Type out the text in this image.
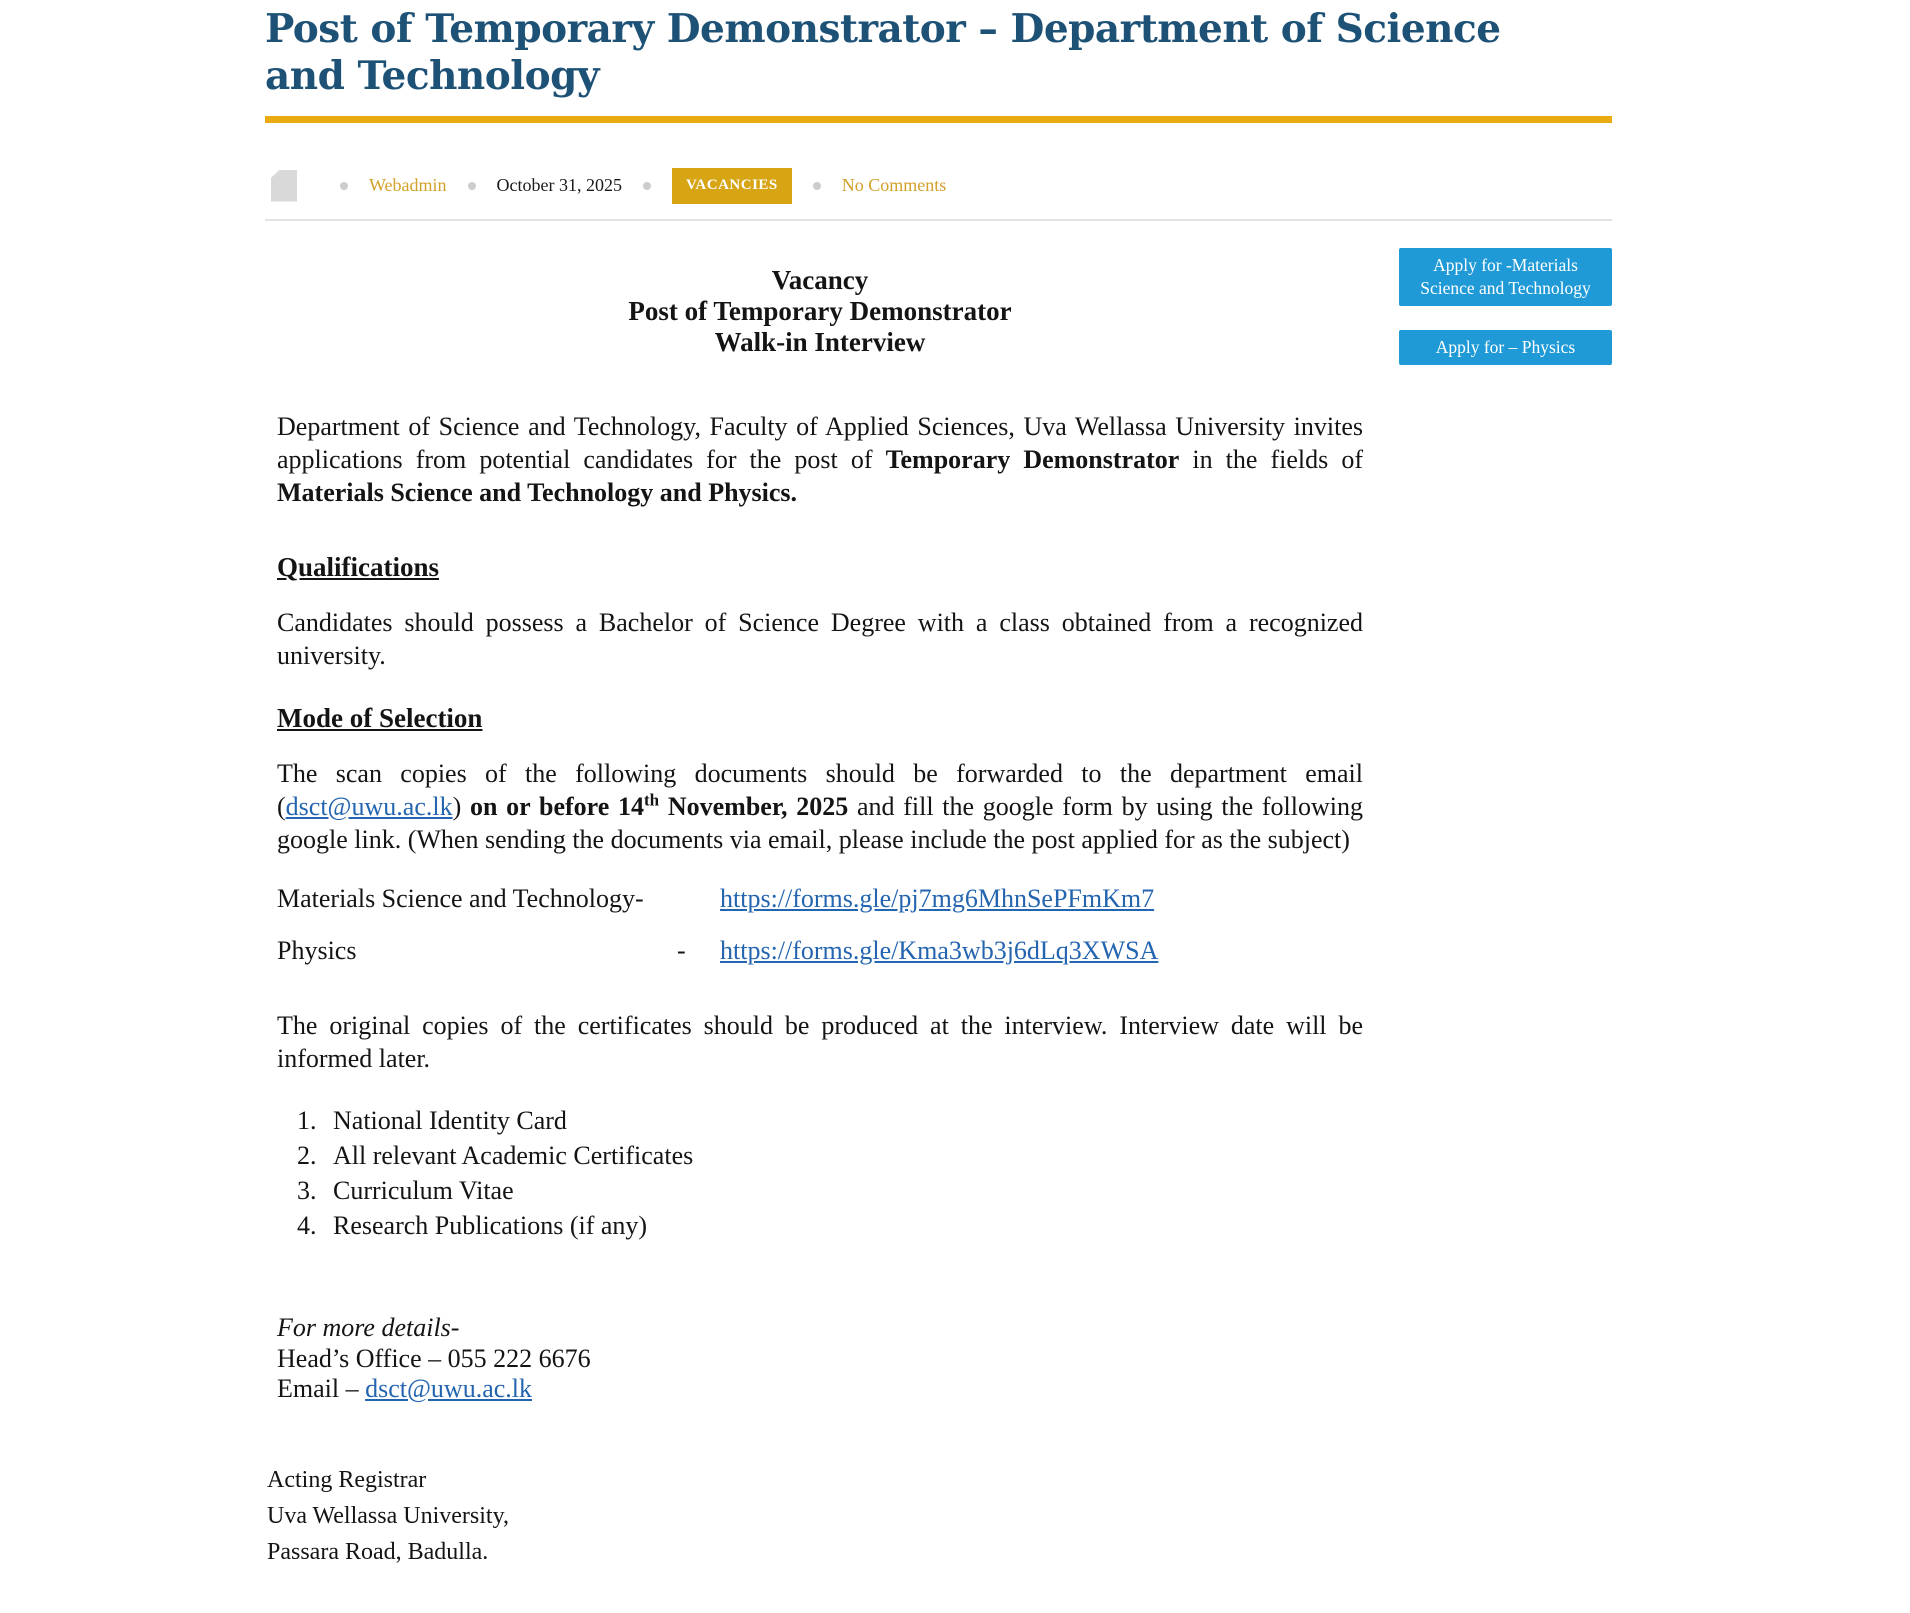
Post of Temporary Demonstrator – Department of Science
and Technology
Webadmin	October 31, 2025	VACANCIES	No Comments
Vacancy
Post of Temporary Demonstrator
Walk-in Interview

Department of Science and Technology, Faculty of Applied Sciences, Uva Wellassa University invites applications from potential candidates for the post of Temporary Demonstrator in the fields of Materials Science and Technology and Physics.

Qualifications

Candidates should possess a Bachelor of Science Degree with a class obtained from a recognized university.

Mode of Selection

The scan copies of the following documents should be forwarded to the department email (dsct@uwu.ac.lk) on or before 14th November, 2025 and fill the google form by using the following google link. (When sending the documents via email, please include the post applied for as the subject)

Materials Science and Technology-	https://forms.gle/pj7mg6MhnSePFmKm7
Physics	-	https://forms.gle/Kma3wb3j6dLq3XWSA

The original copies of the certificates should be produced at the interview. Interview date will be informed later.

1. National Identity Card
2. All relevant Academic Certificates
3. Curriculum Vitae
4. Research Publications (if any)
For more details-
Head’s Office – 055 222 6676
Email – dsct@uwu.ac.lk
Apply for -Materials Science and Technology
Apply for – Physics
Acting Registrar
Uva Wellassa University,
Passara Road, Badulla.
